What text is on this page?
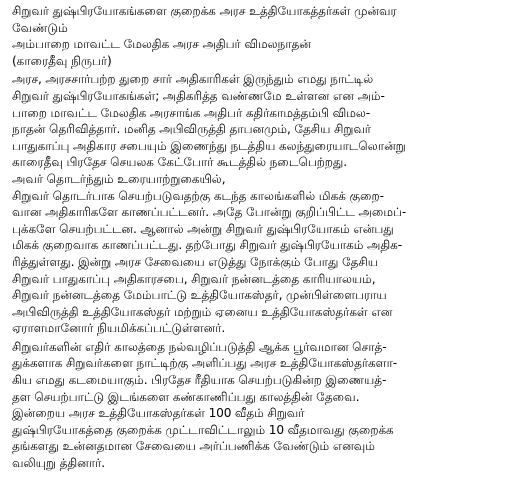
சிறுவர் துஷ்பிரயோகங்களை குறைக்க அரச உத்தியோகத்தர்கள் முன்வர
வேண்டும்
அம்பாறை மாவட்ட மேலதிக அரச அதிபர் விமலநாதன்
(காரைதீவு நிருபர்)
அரச, அரசசார்பற்ற துறை சார் அதிகாரிகள் இருந்தும் எமது நாட்டில்
சிறுவர் துஷ்பிரயோகங்கள்; அதிகரித்த வண்ணமே உள்ளன என அம்-
பாறை மாவட்ட மேலதிக அரசாங்க அதிபர் கதிர்காமத்தம்பி விமல-
நாதன் தெரிவித்தார். மனித அபிவிருத்தி தாபனமும், தேசிய சிறுவர்
பாதுகாப்பு அதிகார சபையும் இணைந்து நடத்திய கலந்துரையாடலொன்று
காரைதீவு பிரதேச செயலக கேட்போர் கூடத்தில் நடைபெற்றது.
அவர் தொடர்ந்தும் உரையாற்றுகையில்,
சிறுவர் தொடர்பாக செயற்படுவதற்கு கடந்த காலங்களில் மிகக் குறை-
வான அதிகாரிகளே காணப்பட்டனர். அதே போன்று குறிப்பிட்ட அமைப்-
புக்களே செயற்பட்டன. ஆனால் அன்று சிறுவர் துஷ்பிரயோகம் என்பது
மிகக் குறைவாக காணப்பட்டது. தற்போது சிறுவர் துஷ்பிரயோகம் அதிக-
ரித்துள்ளது. இன்று அரச சேவையை எடுத்து நோக்கும் போது தேசிய
சிறுவர் பாதுகாப்பு அதிகாரசபை, சிறுவர் நன்னடத்தை காரியாலயம்,
சிறுவர் நன்னடத்தை மேம்பாட்டு உத்தியோகஸ்தர், முன்பிள்ளைபராய
அபிவிருத்தி உத்தியோகஸ்தர் மற்றும் ஏனைய உத்தியோகஸ்தர்கள் என
ஏராளமானோர் நியமிக்கப்பட்டுள்ளனர்.
சிறுவர்களின் எதிர் காலத்தை நல்வழிப்படுத்தி ஆக்க பூர்வமான சொத்-
துக்களாக சிறுவர்களை நாட்டிற்கு அளிப்பது அரச உத்தியோகஸ்தர்களா-
கிய எமது கடமையாகும். பிரதேச ரீதியாக செயற்படுகின்ற இணையத்-
தள செயற்பாட்டு இடங்களை கண்காணிப்பது காலத்தின் தேவை.
இன்றைய அரச உத்தியோகஸ்தர்கள் 100 வீதம் சிறுவர்
துஷ்பிரயோகத்தை குறைக்க முட்டாவிட்டாலும் 10 வீதமாவது குறைக்க
தங்களது உன்னதமான சேவையை அர்ப்பணிக்க வேண்டும் எனவும்
வலியுறு த்தினார்.
